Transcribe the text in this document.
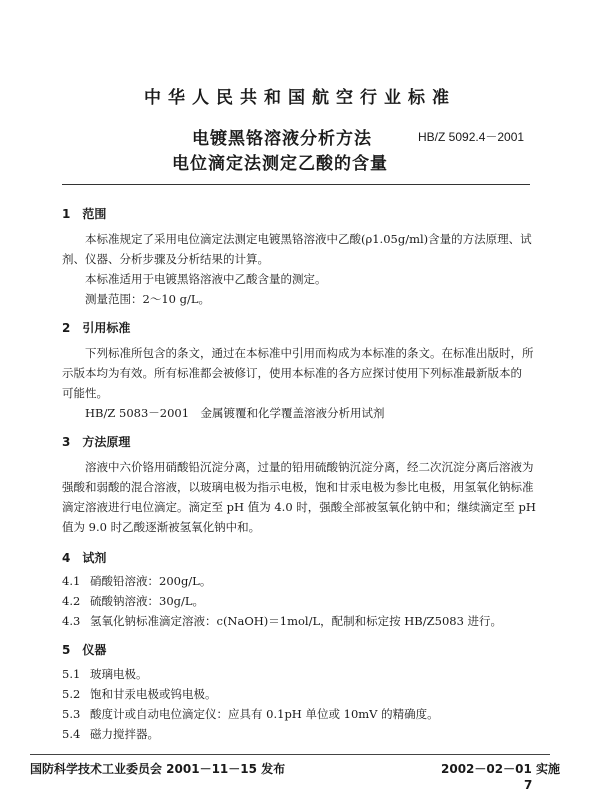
中华人民共和国航空行业标准
电镀黑铬溶液分析方法	HB/Z 5092.4－2001
电位滴定法测定乙酸的含量
1　范围
本标准规定了采用电位滴定法测定电镀黑铬溶液中乙酸(ρ1.05g/ml)含量的方法原理、试
剂、仪器、分析步骤及分析结果的计算。
本标准适用于电镀黑铬溶液中乙酸含量的测定。
测量范围：2～10 g/L。
2　引用标准
下列标准所包含的条文，通过在本标准中引用而构成为本标准的条文。在标准出版时，所
示版本均为有效。所有标准都会被修订，使用本标准的各方应探讨使用下列标准最新版本的
可能性。
HB/Z 5083－2001　金属镀覆和化学覆盖溶液分析用试剂
3　方法原理
溶液中六价铬用硝酸铅沉淀分离，过量的铅用硫酸钠沉淀分离，经二次沉淀分离后溶液为
强酸和弱酸的混合溶液，以玻璃电极为指示电极，饱和甘汞电极为参比电极，用氢氧化钠标准
滴定溶液进行电位滴定。滴定至 pH 值为 4.0 时，强酸全部被氢氧化钠中和；继续滴定至 pH
值为 9.0 时乙酸逐渐被氢氧化钠中和。
4　试剂
4.1 硝酸铅溶液：200g/L。
4.2 硫酸钠溶液：30g/L。
4.3 氢氧化钠标准滴定溶液：c(NaOH)＝1mol/L，配制和标定按 HB/Z5083 进行。
5　仪器
5.1 玻璃电极。
5.2 饱和甘汞电极或钨电极。
5.3 酸度计或自动电位滴定仪：应具有 0.1pH 单位或 10mV 的精确度。
5.4 磁力搅拌器。
国防科学技术工业委员会 2001－11－15 发布	2002－02－01 实施
7
